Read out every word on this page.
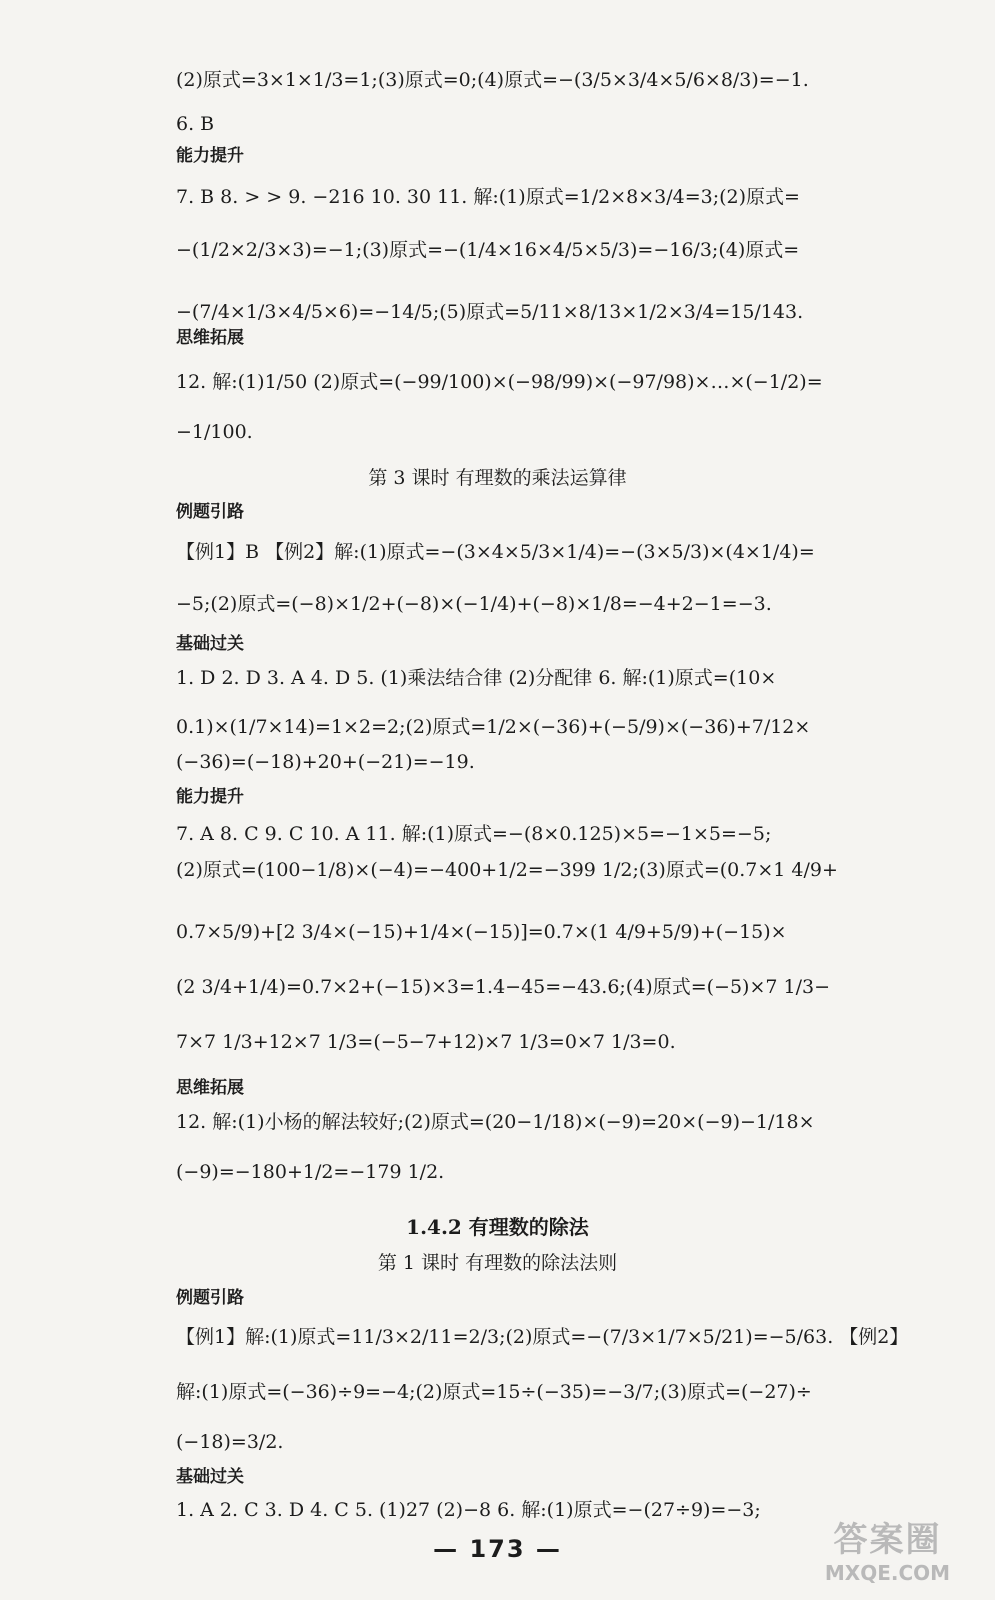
(2)原式=3×1×1/3=1;(3)原式=0;(4)原式=−(3/5×3/4×5/6×8/3)=−1.
6. B
能力提升
7. B 8. > > 9. −216 10. 30 11. 解:(1)原式=1/2×8×3/4=3;(2)原式=
−(1/2×2/3×3)=−1;(3)原式=−(1/4×16×4/5×5/3)=−16/3;(4)原式=
−(7/4×1/3×4/5×6)=−14/5;(5)原式=5/11×8/13×1/2×3/4=15/143.
思维拓展
12. 解:(1)1/50 (2)原式=(−99/100)×(−98/99)×(−97/98)×…×(−1/2)=
−1/100.
第 3 课时 有理数的乘法运算律
例题引路
【例1】B 【例2】解:(1)原式=−(3×4×5/3×1/4)=−(3×5/3)×(4×1/4)=
−5;(2)原式=(−8)×1/2+(−8)×(−1/4)+(−8)×1/8=−4+2−1=−3.
基础过关
1. D 2. D 3. A 4. D 5. (1)乘法结合律 (2)分配律 6. 解:(1)原式=(10×
0.1)×(1/7×14)=1×2=2;(2)原式=1/2×(−36)+(−5/9)×(−36)+7/12×
(−36)=(−18)+20+(−21)=−19.
能力提升
7. A 8. C 9. C 10. A 11. 解:(1)原式=−(8×0.125)×5=−1×5=−5;
(2)原式=(100−1/8)×(−4)=−400+1/2=−399 1/2;(3)原式=(0.7×1 4/9+
0.7×5/9)+[2 3/4×(−15)+1/4×(−15)]=0.7×(1 4/9+5/9)+(−15)×
(2 3/4+1/4)=0.7×2+(−15)×3=1.4−45=−43.6;(4)原式=(−5)×7 1/3−
7×7 1/3+12×7 1/3=(−5−7+12)×7 1/3=0×7 1/3=0.
思维拓展
12. 解:(1)小杨的解法较好;(2)原式=(20−1/18)×(−9)=20×(−9)−1/18×
(−9)=−180+1/2=−179 1/2.
1.4.2 有理数的除法
第 1 课时 有理数的除法法则
例题引路
【例1】解:(1)原式=11/3×2/11=2/3;(2)原式=−(7/3×1/7×5/21)=−5/63. 【例2】
解:(1)原式=(−36)÷9=−4;(2)原式=15÷(−35)=−3/7;(3)原式=(−27)÷
(−18)=3/2.
基础过关
1. A 2. C 3. D 4. C 5. (1)27 (2)−8 6. 解:(1)原式=−(27÷9)=−3;
— 173 —	答案圈
MXQE.COM
